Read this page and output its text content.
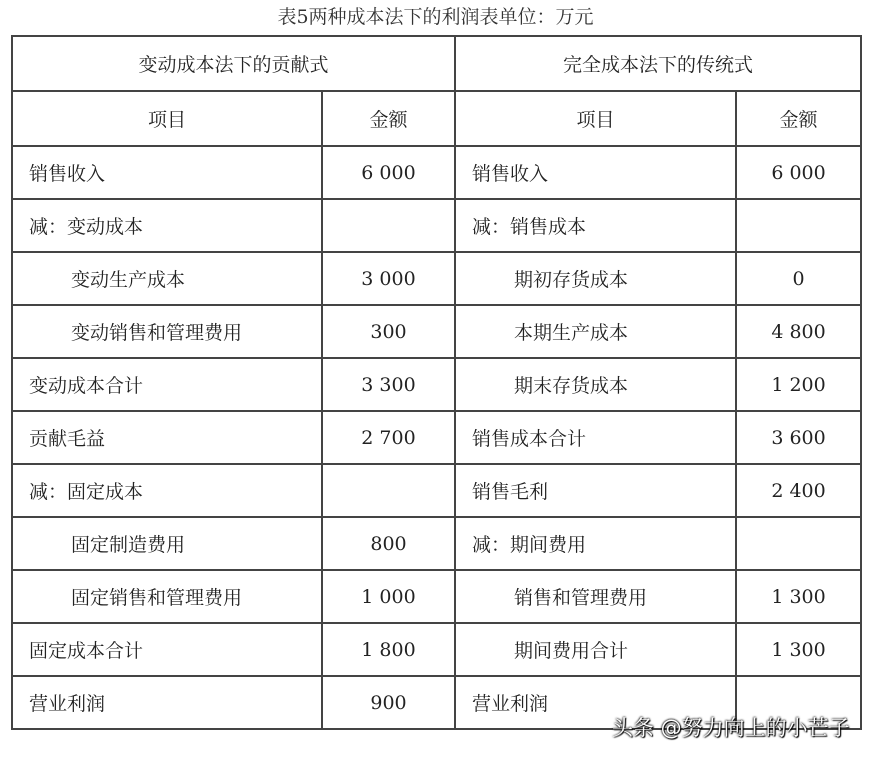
表5两种成本法下的利润表单位：万元
变动成本法下的贡献式		完全成本法下的传统式	
项目	金额	项目	金额
销售收入	6 000	销售收入	6 000
减：变动成本		减：销售成本	
变动生产成本	3 000	期初存货成本	0
变动销售和管理费用	300	本期生产成本	4 800
变动成本合计	3 300	期末存货成本	1 200
贡献毛益	2 700	销售成本合计	3 600
减：固定成本		销售毛利	2 400
固定制造费用	800	减：期间费用	
固定销售和管理费用	1 000	销售和管理费用	1 300
固定成本合计	1 800	期间费用合计	1 300
营业利润	900	营业利润	
头条 @努力向上的小芒子
